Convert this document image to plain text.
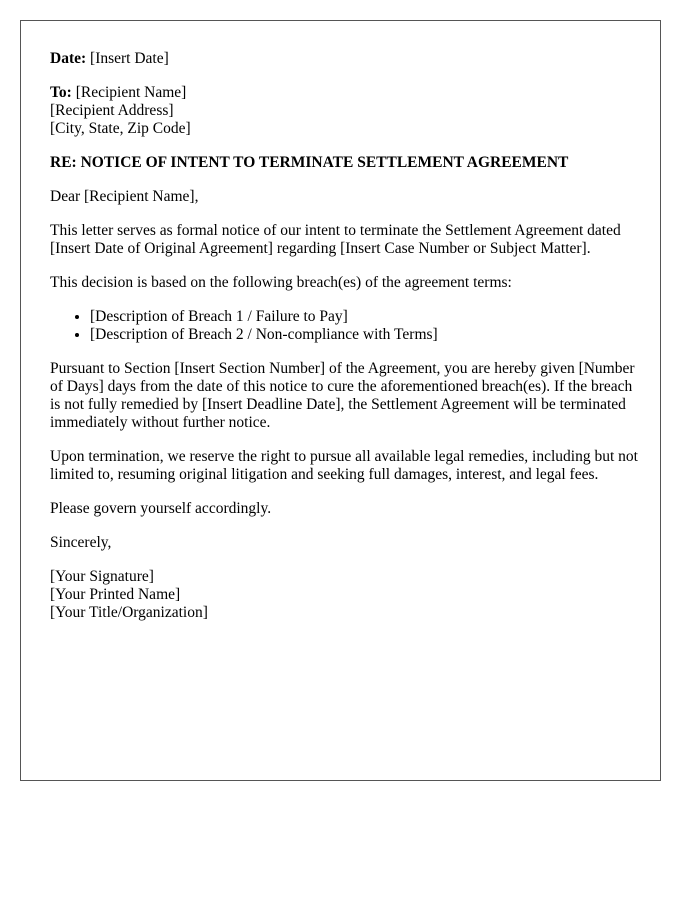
Date: [Insert Date]

To: [Recipient Name]
[Recipient Address]
[City, State, Zip Code]

RE: NOTICE OF INTENT TO TERMINATE SETTLEMENT AGREEMENT

Dear [Recipient Name],

This letter serves as formal notice of our intent to terminate the Settlement Agreement dated [Insert Date of Original Agreement] regarding [Insert Case Number or Subject Matter].

This decision is based on the following breach(es) of the agreement terms:

• [Description of Breach 1 / Failure to Pay]
• [Description of Breach 2 / Non-compliance with Terms]

Pursuant to Section [Insert Section Number] of the Agreement, you are hereby given [Number of Days] days from the date of this notice to cure the aforementioned breach(es). If the breach is not fully remedied by [Insert Deadline Date], the Settlement Agreement will be terminated immediately without further notice.

Upon termination, we reserve the right to pursue all available legal remedies, including but not limited to, resuming original litigation and seeking full damages, interest, and legal fees.

Please govern yourself accordingly.

Sincerely,

[Your Signature]
[Your Printed Name]
[Your Title/Organization]
